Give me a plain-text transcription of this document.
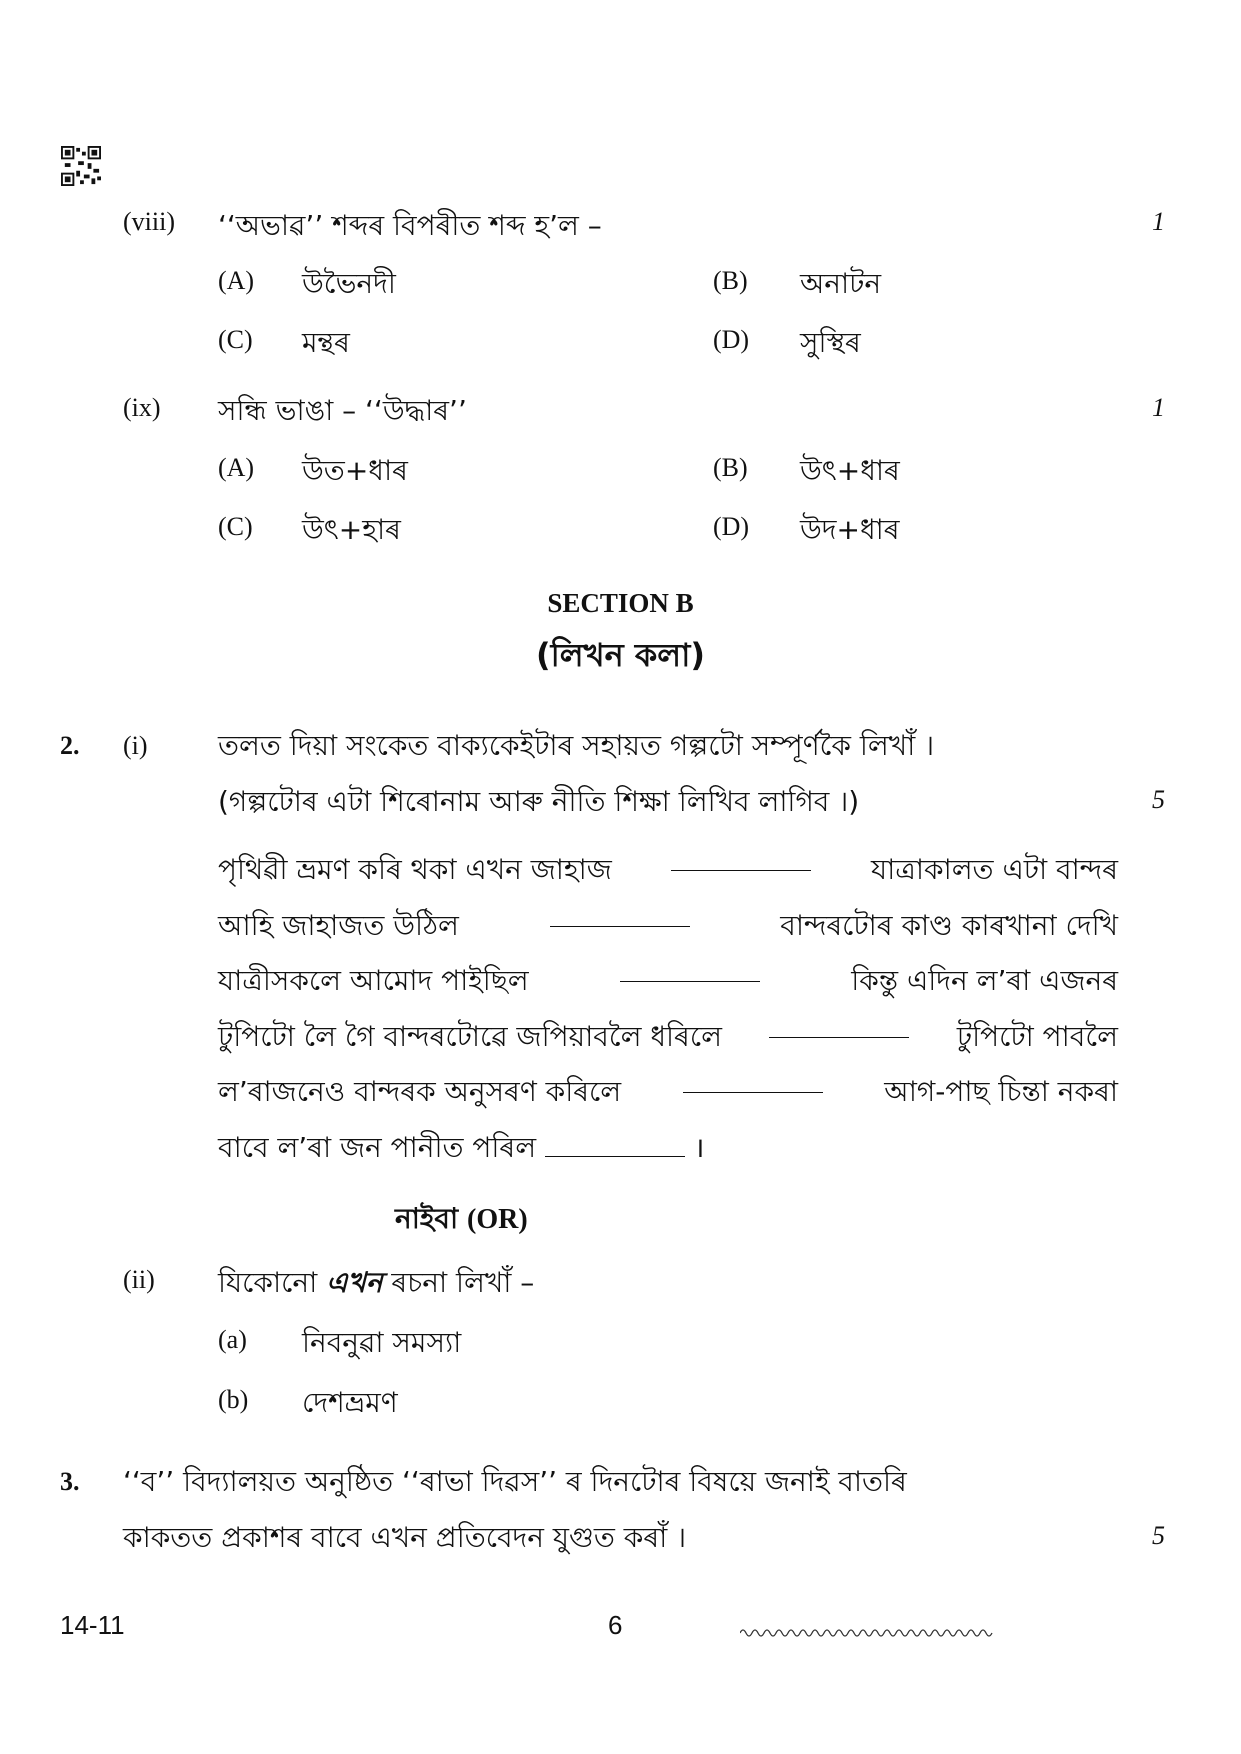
(viii) ‘‘অভাৱ’’ শব্দৰ বিপৰীত শব্দ হ’ল –	1
(A) উভৈনদী	(B) অনাটন
(C) মন্থৰ	(D) সুস্থিৰ
(ix) সন্ধি ভাঙা – ‘‘উদ্ধাৰ’’	1
(A) উত+ধাৰ	(B) উৎ+ধাৰ
(C) উৎ+হাৰ	(D) উদ+ধাৰ
SECTION B
(লিখন কলা)
2. (i)	তলত দিয়া সংকেত বাক্যকেইটাৰ সহায়ত গল্পটো সম্পূৰ্ণকৈ লিখাঁ ।
(গল্পটোৰ এটা শিৰোনাম আৰু নীতি শিক্ষা লিখিব লাগিব ।)	5
পৃথিৱী ভ্ৰমণ কৰি থকা এখন জাহাজ	যাত্ৰাকালত এটা বান্দৰ
আহি জাহাজত উঠিল	বান্দৰটোৰ কাণ্ড কাৰখানা দেখি
যাত্ৰীসকলে আমোদ পাইছিল	কিন্তু এদিন ল’ৰা এজনৰ
টুপিটো লৈ গৈ বান্দৰটোৱে জপিয়াবলৈ ধৰিলে	টুপিটো পাবলৈ
ল’ৰাজনেও বান্দৰক অনুসৰণ কৰিলে	আগ-পাছ চিন্তা নকৰা
বাবে ল’ৰা জন পানীত পৰিল	।
নাইবা (OR)
(ii) যিকোনো এখন ৰচনা লিখাঁ –
(a) নিবনুৱা সমস্যা
(b) দেশভ্ৰমণ
3. ‘‘ব’’ বিদ্যালয়ত অনুষ্ঠিত ‘‘ৰাভা দিৱস’’ ৰ দিনটোৰ বিষয়ে জনাই বাতৰি
কাকতত প্ৰকাশৰ বাবে এখন প্ৰতিবেদন যুগুত কৰাঁ ।	5
14-11	6
